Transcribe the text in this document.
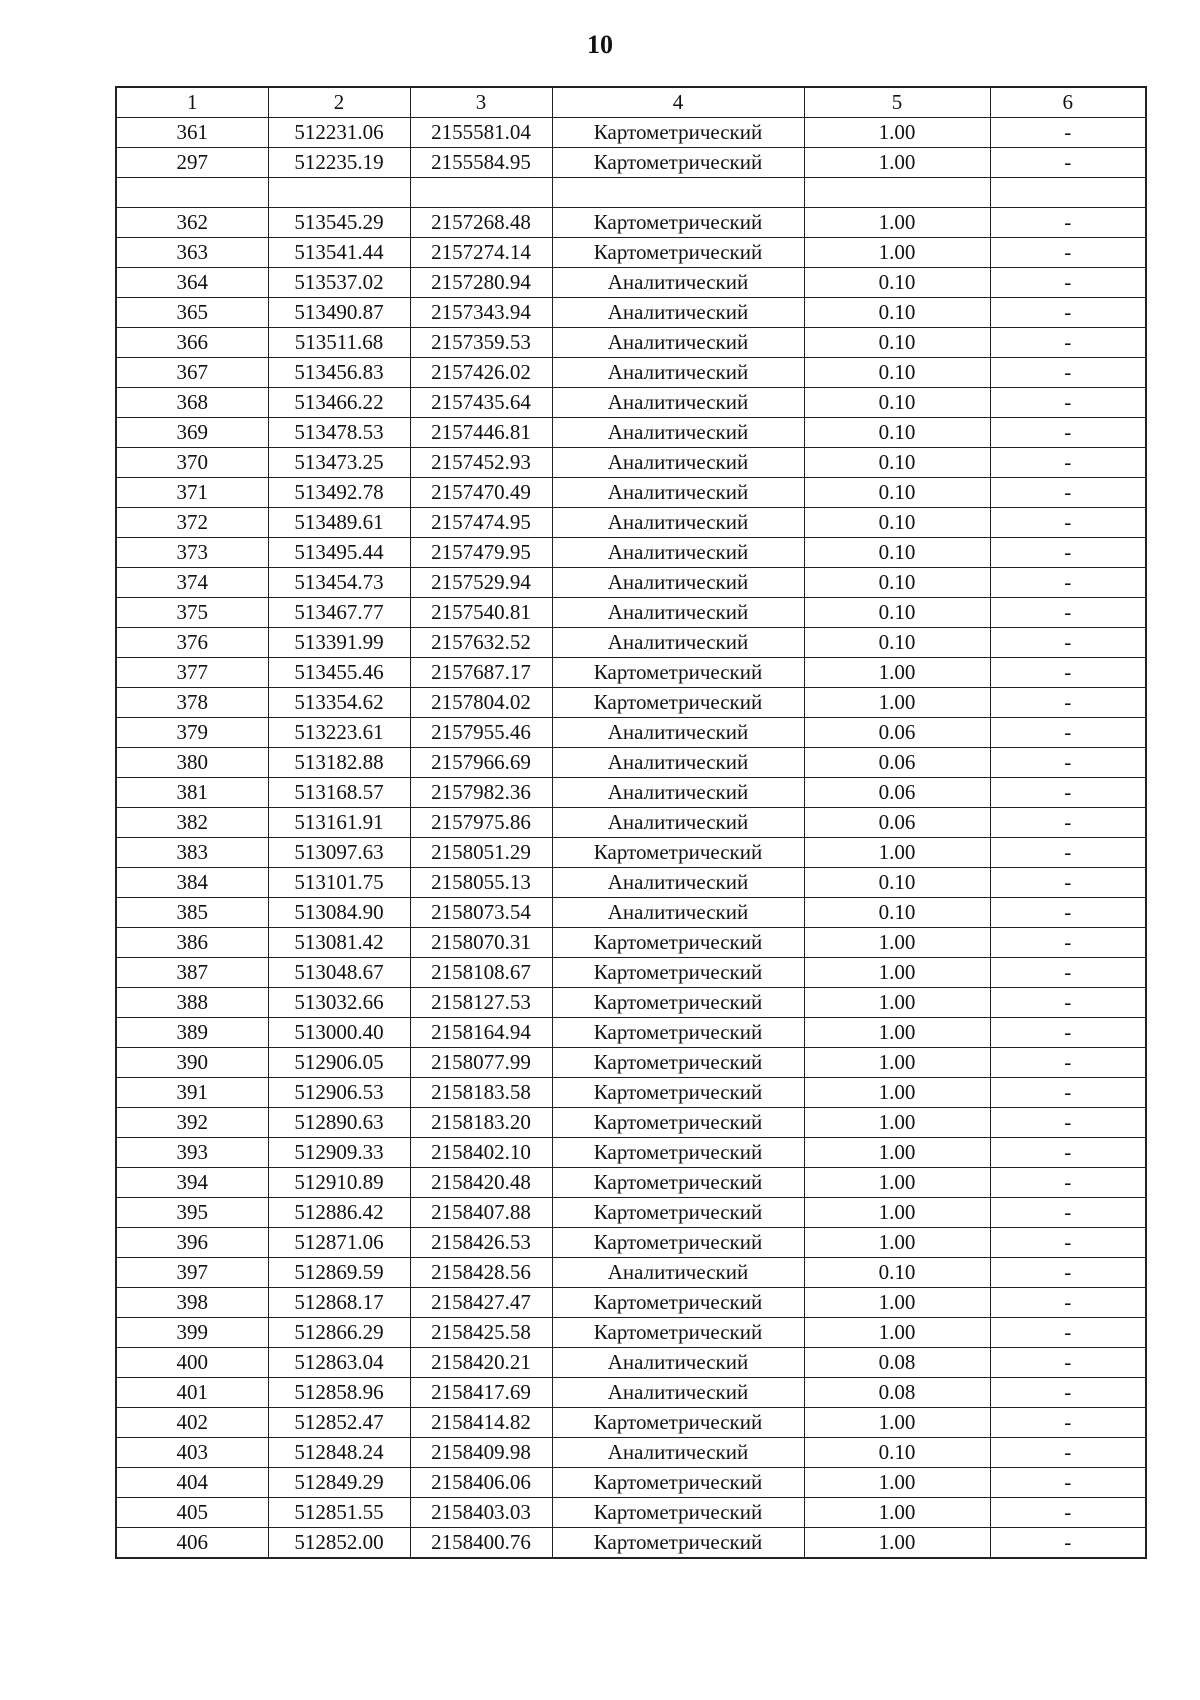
10
1	2	3	4	5	6
361	512231.06	2155581.04	Картометрический	1.00	-
297	512235.19	2155584.95	Картометрический	1.00	-

362	513545.29	2157268.48	Картометрический	1.00	-
363	513541.44	2157274.14	Картометрический	1.00	-
364	513537.02	2157280.94	Аналитический	0.10	-
365	513490.87	2157343.94	Аналитический	0.10	-
366	513511.68	2157359.53	Аналитический	0.10	-
367	513456.83	2157426.02	Аналитический	0.10	-
368	513466.22	2157435.64	Аналитический	0.10	-
369	513478.53	2157446.81	Аналитический	0.10	-
370	513473.25	2157452.93	Аналитический	0.10	-
371	513492.78	2157470.49	Аналитический	0.10	-
372	513489.61	2157474.95	Аналитический	0.10	-
373	513495.44	2157479.95	Аналитический	0.10	-
374	513454.73	2157529.94	Аналитический	0.10	-
375	513467.77	2157540.81	Аналитический	0.10	-
376	513391.99	2157632.52	Аналитический	0.10	-
377	513455.46	2157687.17	Картометрический	1.00	-
378	513354.62	2157804.02	Картометрический	1.00	-
379	513223.61	2157955.46	Аналитический	0.06	-
380	513182.88	2157966.69	Аналитический	0.06	-
381	513168.57	2157982.36	Аналитический	0.06	-
382	513161.91	2157975.86	Аналитический	0.06	-
383	513097.63	2158051.29	Картометрический	1.00	-
384	513101.75	2158055.13	Аналитический	0.10	-
385	513084.90	2158073.54	Аналитический	0.10	-
386	513081.42	2158070.31	Картометрический	1.00	-
387	513048.67	2158108.67	Картометрический	1.00	-
388	513032.66	2158127.53	Картометрический	1.00	-
389	513000.40	2158164.94	Картометрический	1.00	-
390	512906.05	2158077.99	Картометрический	1.00	-
391	512906.53	2158183.58	Картометрический	1.00	-
392	512890.63	2158183.20	Картометрический	1.00	-
393	512909.33	2158402.10	Картометрический	1.00	-
394	512910.89	2158420.48	Картометрический	1.00	-
395	512886.42	2158407.88	Картометрический	1.00	-
396	512871.06	2158426.53	Картометрический	1.00	-
397	512869.59	2158428.56	Аналитический	0.10	-
398	512868.17	2158427.47	Картометрический	1.00	-
399	512866.29	2158425.58	Картометрический	1.00	-
400	512863.04	2158420.21	Аналитический	0.08	-
401	512858.96	2158417.69	Аналитический	0.08	-
402	512852.47	2158414.82	Картометрический	1.00	-
403	512848.24	2158409.98	Аналитический	0.10	-
404	512849.29	2158406.06	Картометрический	1.00	-
405	512851.55	2158403.03	Картометрический	1.00	-
406	512852.00	2158400.76	Картометрический	1.00	-
